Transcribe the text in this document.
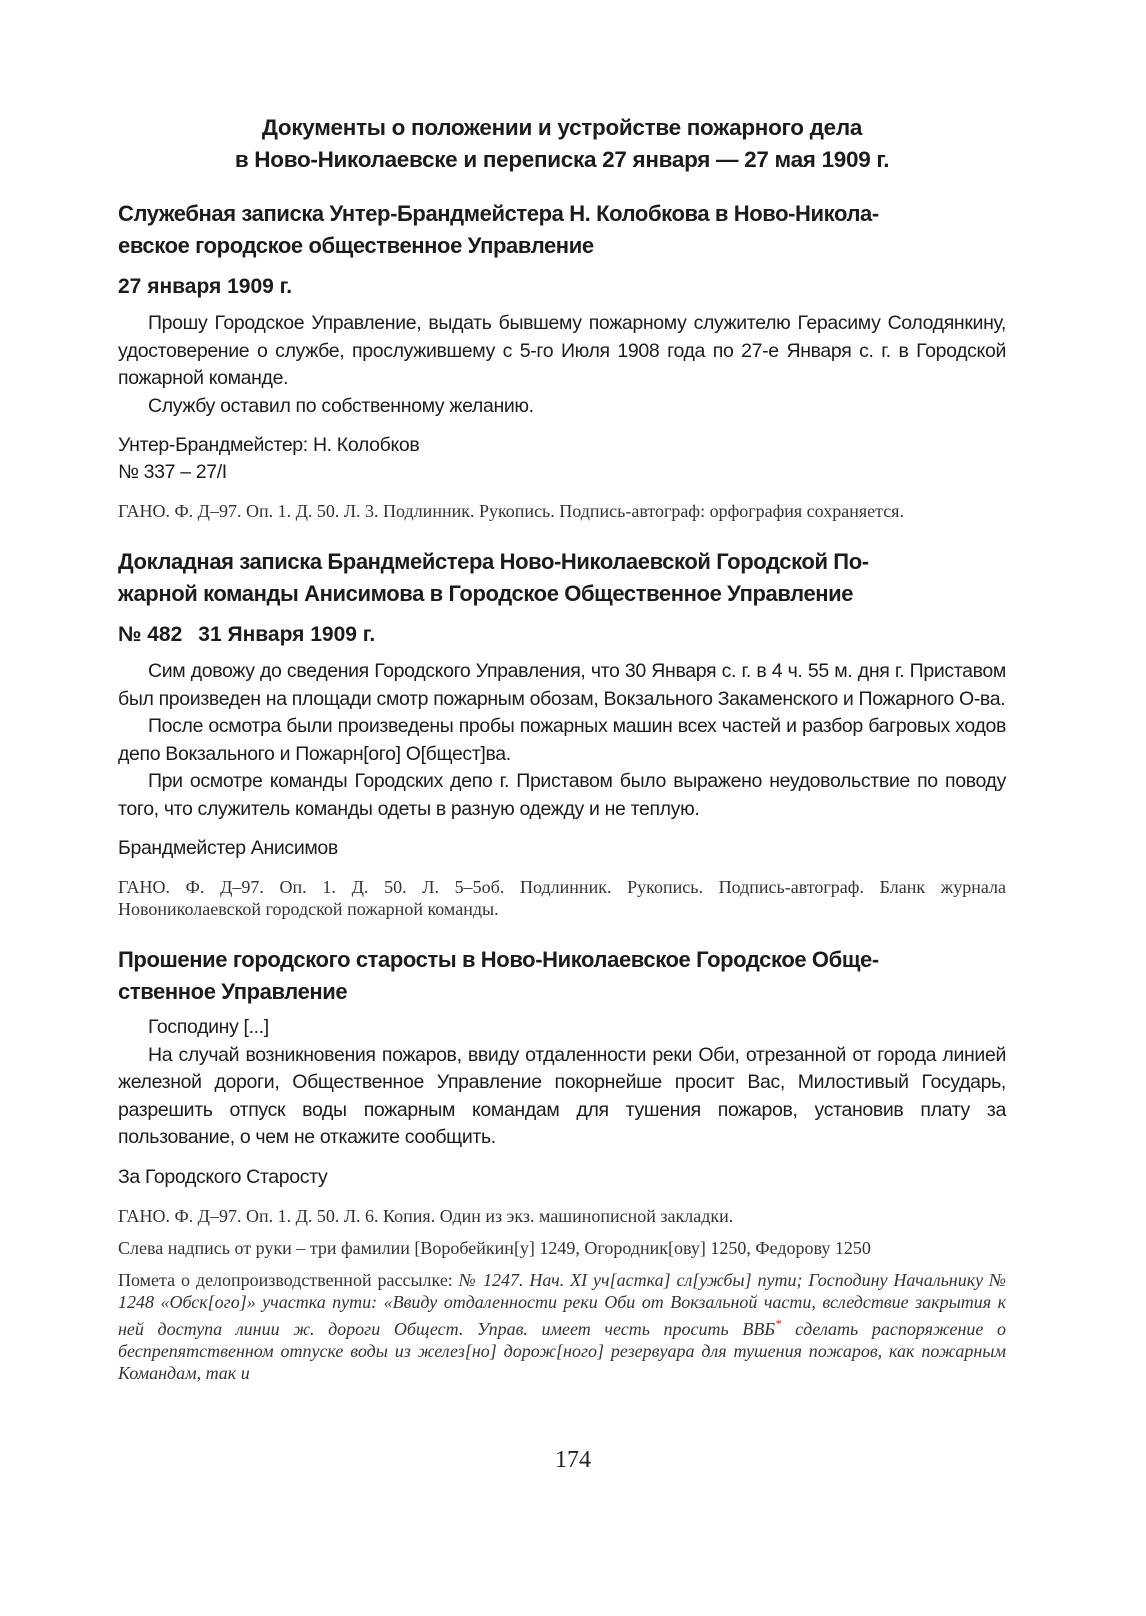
Документы о положении и устройстве пожарного дела
в Ново-Николаевске и переписка 27 января — 27 мая 1909 г.
Служебная записка Унтер-Брандмейстера Н. Колобкова в Ново-Никола-
евское городское общественное Управление
27 января 1909 г.

Прошу Городское Управление, выдать бывшему пожарному служителю Герасиму Солодянкину, удостоверение о службе, прослужившему с 5-го Июля 1908 года по 27-е Января с. г. в Городской пожарной команде.

Службу оставил по собственному желанию.

Унтер-Брандмейстер: Н. Колобков
№ 337 – 27/I

ГАНО. Ф. Д–97. Оп. 1. Д. 50. Л. 3. Подлинник. Рукопись. Подпись-автограф: орфография сохраняется.

Докладная записка Брандмейстера Ново-Николаевской Городской По-
жарной команды Анисимова в Городское Общественное Управление
№ 482 31 Января 1909 г.

Сим довожу до сведения Городского Управления, что 30 Января с. г. в 4 ч. 55 м. дня г. Приставом был произведен на площади смотр пожарным обозам, Вокзального Закаменского и Пожарного О-ва.

После осмотра были произведены пробы пожарных машин всех частей и разбор багровых ходов депо Вокзального и Пожарн[ого] О[бщест]ва.

При осмотре команды Городских депо г. Приставом было выражено неудовольствие по поводу того, что служитель команды одеты в разную одежду и не теплую.

Брандмейстер Анисимов

ГАНО. Ф. Д–97. Оп. 1. Д. 50. Л. 5–5об. Подлинник. Рукопись. Подпись-автограф. Бланк журнала Новониколаевской городской пожарной команды.

Прошение городского старосты в Ново-Николаевское Городское Обще-
ственное Управление

Господину [...]

На случай возникновения пожаров, ввиду отдаленности реки Оби, отрезанной от города линией железной дороги, Общественное Управление покорнейше просит Вас, Милостивый Государь, разрешить отпуск воды пожарным командам для тушения пожаров, установив плату за пользование, о чем не откажите сообщить.

За Городского Старосту

ГАНО. Ф. Д–97. Оп. 1. Д. 50. Л. 6. Копия. Один из экз. машинописной закладки.

Слева надпись от руки – три фамилии [Воробейкин[у] 1249, Огородник[ову] 1250, Федорову 1250

Помета о делопроизводственной рассылке: № 1247. Нач. XI уч[астка] сл[ужбы] пути; Господину Начальнику № 1248 «Обск[ого]» участка пути: «Ввиду отдаленности реки Оби от Вокзальной части, вследствие закрытия к ней доступа линии ж. дороги Общест. Управ. имеет честь просить ВВБ* сделать распоряжение о беспрепятственном отпуске воды из желез[но] дорож[ного] резервуара для тушения пожаров, как пожарным Командам, так и

174
